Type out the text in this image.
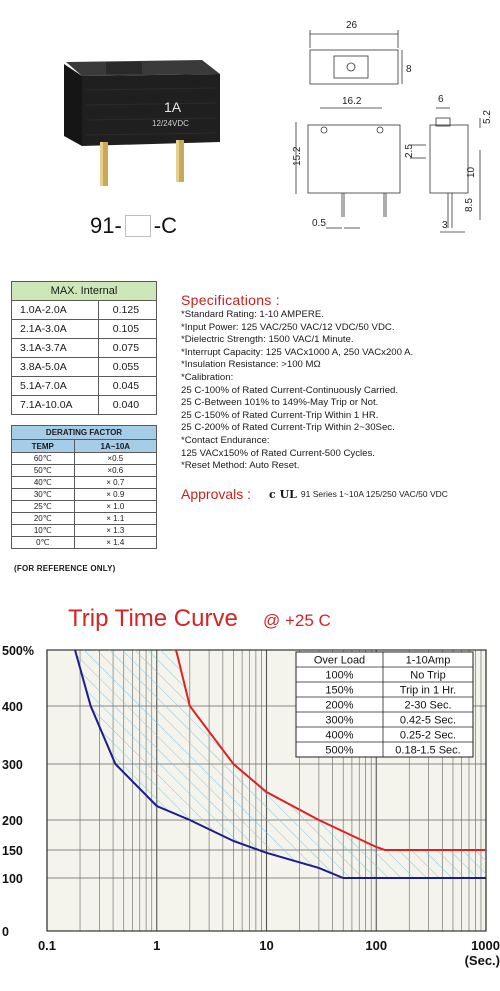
1A
12/24VDC
91- -C
26
8
16.2
15.2
0.5
6
5.2
2.5
10
8.5
3
MAX. Internal	
1.0A-2.0A	0.125
2.1A-3.0A	0.105
3.1A-3.7A	0.075
3.8A-5.0A	0.055
5.1A-7.0A	0.045
7.1A-10.0A	0.040
DERATING FACTOR	
TEMP	1A~10A
60℃	×0.5
50℃	×0.6
40℃	× 0.7
30℃	× 0.9
25℃	× 1.0
20℃	× 1.1
10℃	× 1.3
0℃	× 1.4
(FOR REFERENCE ONLY)
Specifications :
*Standard Rating: 1-10 AMPERE.
*Input Power: 125 VAC/250 VAC/12 VDC/50 VDC.
*Dielectric Strength: 1500 VAC/1 Minute.
*Interrupt Capacity: 125 VACx1000 A, 250 VACx200 A.
*Insulation Resistance: >100 MΩ
*Calibration:
25 C-100% of Rated Current-Continuously Carried.
25 C-Between 101% to 149%-May Trip or Not.
25 C-150% of Rated Current-Trip Within 1 HR.
25 C-200% of Rated Current-Trip Within 2~30Sec.
*Contact Endurance:
125 VACx150% of Rated Current-500 Cycles.
*Reset Method: Auto Reset.
Approvals : c UL 91 Series 1~10A 125/250 VAC/50 VDC
Trip Time Curve @ +25 C
500%
400
300
200
150
100
0
0.1	1	10	100	1000
(Sec.)
Over Load	1-10Amp
100%	No Trip
150%	Trip in 1 Hr.
200%	2-30 Sec.
300%	0.42-5 Sec.
400%	0.25-2 Sec.
500%	0.18-1.5 Sec.
